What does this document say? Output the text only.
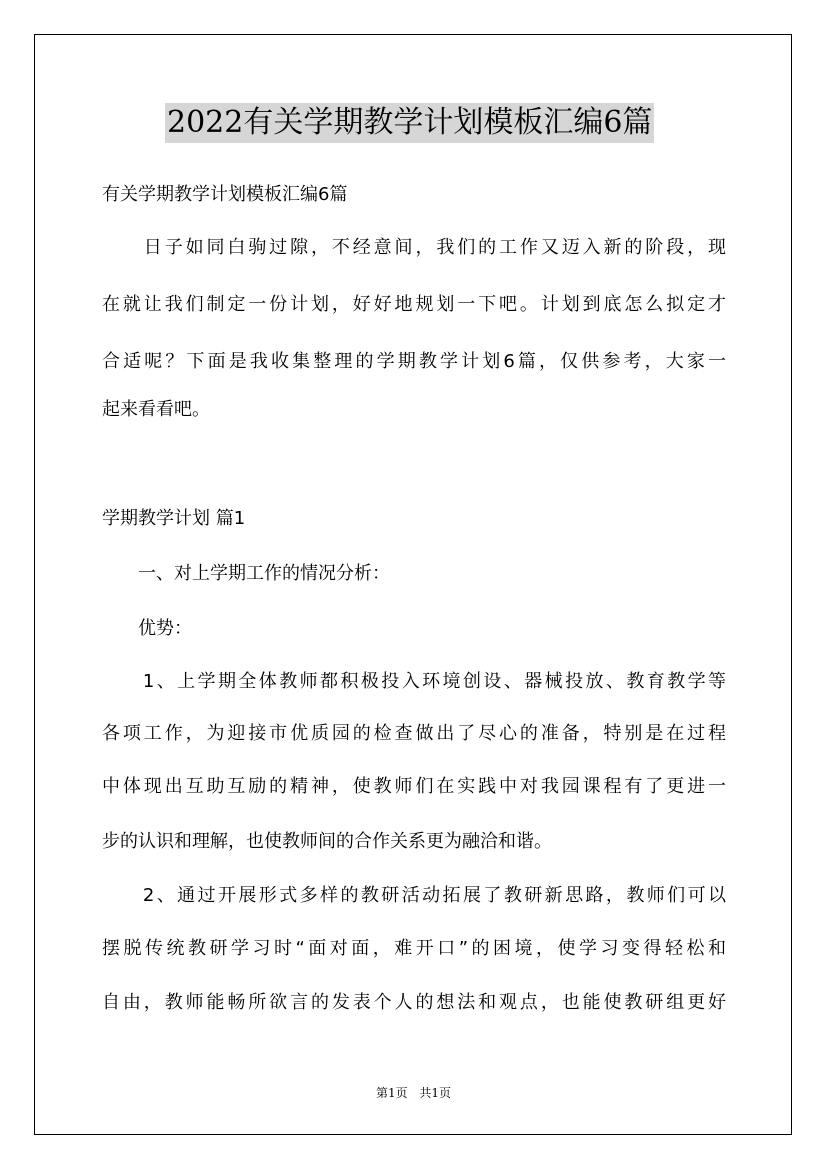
2022有关学期教学计划模板汇编6篇
有关学期教学计划模板汇编6篇
　　日子如同白驹过隙，不经意间，我们的工作又迈入新的阶段，现
在就让我们制定一份计划，好好地规划一下吧。计划到底怎么拟定才
合适呢？下面是我收集整理的学期教学计划6篇，仅供参考，大家一
起来看看吧。
学期教学计划 篇1
　　一、对上学期工作的情况分析：
　　优势：
　　1、上学期全体教师都积极投入环境创设、器械投放、教育教学等
各项工作，为迎接市优质园的检查做出了尽心的准备，特别是在过程
中体现出互助互励的精神，使教师们在实践中对我园课程有了更进一
步的认识和理解，也使教师间的合作关系更为融洽和谐。
　　2、通过开展形式多样的教研活动拓展了教研新思路，教师们可以
摆脱传统教研学习时“面对面，难开口”的困境，使学习变得轻松和
自由，教师能畅所欲言的发表个人的想法和观点，也能使教研组更好
第1页 共1页
